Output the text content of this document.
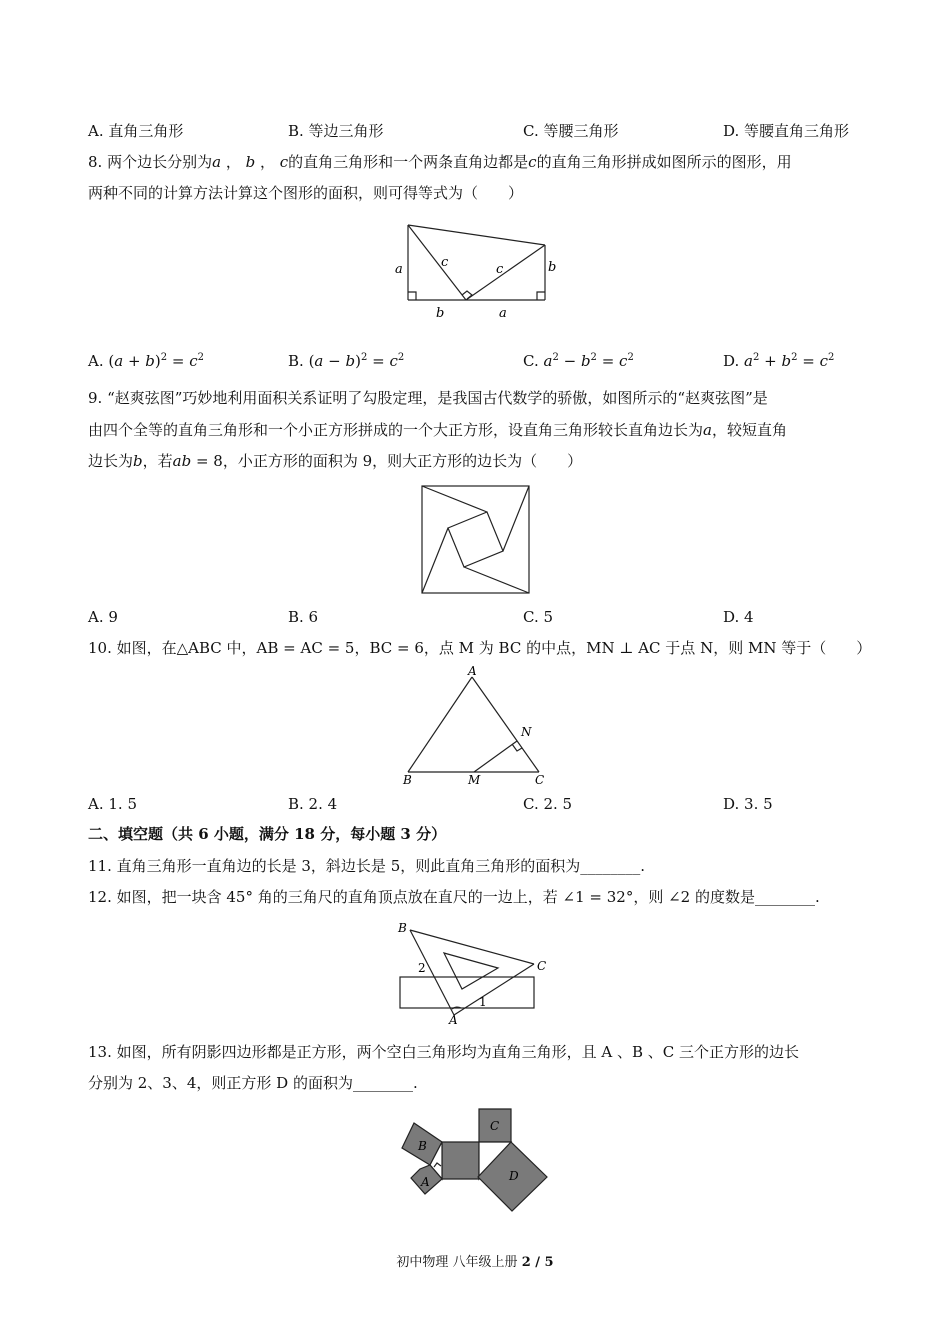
A. 直角三角形	B. 等边三角形	C. 等腰三角形	D. 等腰直角三角形
8. 两个边长分别为a ， b ， c的直角三角形和一个两条直角边都是c的直角三角形拼成如图所示的图形，用
两种不同的计算方法计算这个图形的面积，则可得等式为（　　）
a	c	c	b
b	a
A. $(a + b)^2 = c^2$	B. $(a - b)^2 = c^2$	C. $a^2 - b^2 = c^2$	D. $a^2 + b^2 = c^2$
9. “赵爽弦图”巧妙地利用面积关系证明了勾股定理，是我国古代数学的骄傲，如图所示的“赵爽弦图”是
由四个全等的直角三角形和一个小正方形拼成的一个大正方形，设直角三角形较长直角边长为a，较短直角
边长为b，若ab = 8，小正方形的面积为 9，则大正方形的边长为（　　）
A. 9	B. 6	C. 5	D. 4
10. 如图，在△ABC 中，AB = AC = 5，BC = 6，点 M 为 BC 的中点，MN ⊥ AC 于点 N，则 MN 等于（　　）
A
B	C
M
N
A. 1. 5	B. 2. 4	C. 2. 5	D. 3. 5
二、填空题（共 6 小题，满分 18 分，每小题 3 分）
11. 直角三角形一直角边的长是 3，斜边长是 5，则此直角三角形的面积为________.
12. 如图，把一块含 45° 角的三角尺的直角顶点放在直尺的一边上，若 ∠1 = 32°，则 ∠2 的度数是________.
B
C
A
2
1
13. 如图，所有阴影四边形都是正方形，两个空白三角形均为直角三角形，且 A 、B 、C 三个正方形的边长
分别为 2、3、4，则正方形 D 的面积为________.
C
B
A	D
初中物理 八年级上册 2 / 5
